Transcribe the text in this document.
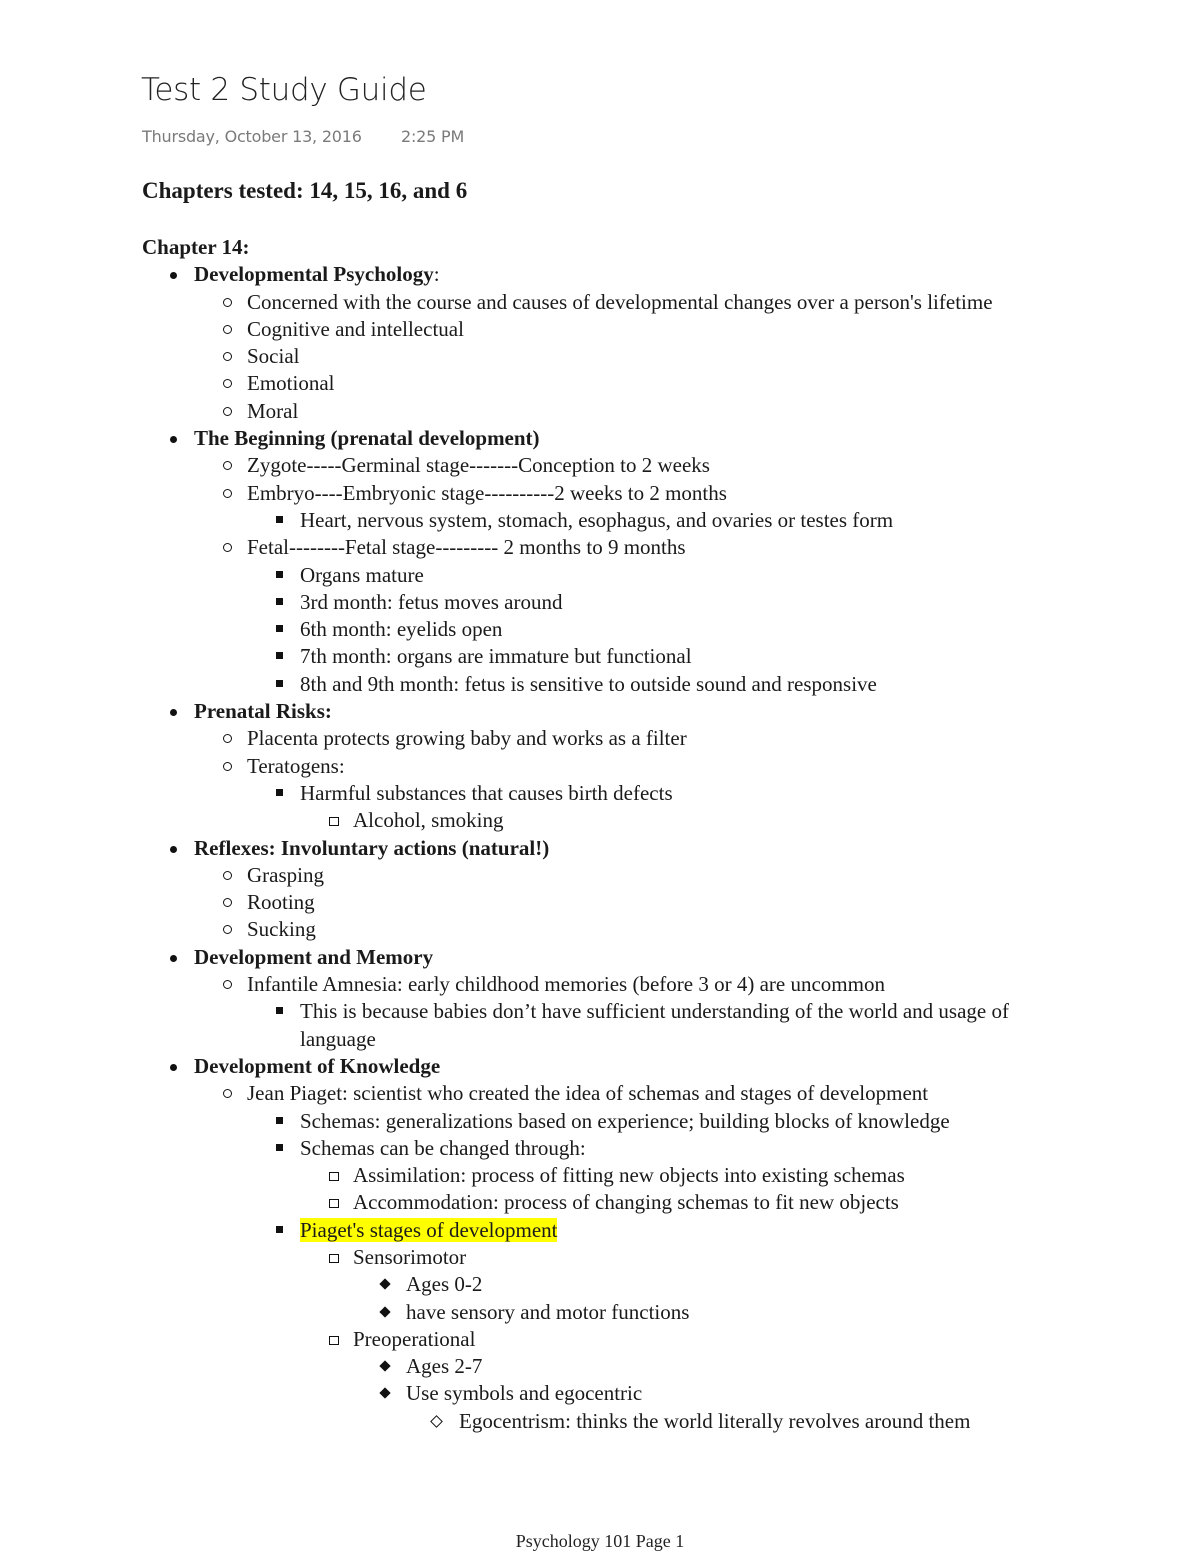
Test 2 Study Guide
Thursday, October 13, 2016 2:25 PM
Chapters tested: 14, 15, 16, and 6
Chapter 14:
Developmental Psychology:
Concerned with the course and causes of developmental changes over a person's lifetime
Cognitive and intellectual
Social
Emotional
Moral
The Beginning (prenatal development)
Zygote-----Germinal stage-------Conception to 2 weeks
Embryo----Embryonic stage----------2 weeks to 2 months
Heart, nervous system, stomach, esophagus, and ovaries or testes form
Fetal--------Fetal stage--------- 2 months to 9 months
Organs mature
3rd month: fetus moves around
6th month: eyelids open
7th month: organs are immature but functional
8th and 9th month: fetus is sensitive to outside sound and responsive
Prenatal Risks:
Placenta protects growing baby and works as a filter
Teratogens:
Harmful substances that causes birth defects
Alcohol, smoking
Reflexes: Involuntary actions (natural!)
Grasping
Rooting
Sucking
Development and Memory
Infantile Amnesia: early childhood memories (before 3 or 4) are uncommon
This is because babies don’t have sufficient understanding of the world and usage of language
Development of Knowledge
Jean Piaget: scientist who created the idea of schemas and stages of development
Schemas: generalizations based on experience; building blocks of knowledge
Schemas can be changed through:
Assimilation: process of fitting new objects into existing schemas
Accommodation: process of changing schemas to fit new objects
Piaget's stages of development
Sensorimotor
Ages 0-2
have sensory and motor functions
Preoperational
Ages 2-7
Use symbols and egocentric
Egocentrism: thinks the world literally revolves around them
Psychology 101 Page 1
